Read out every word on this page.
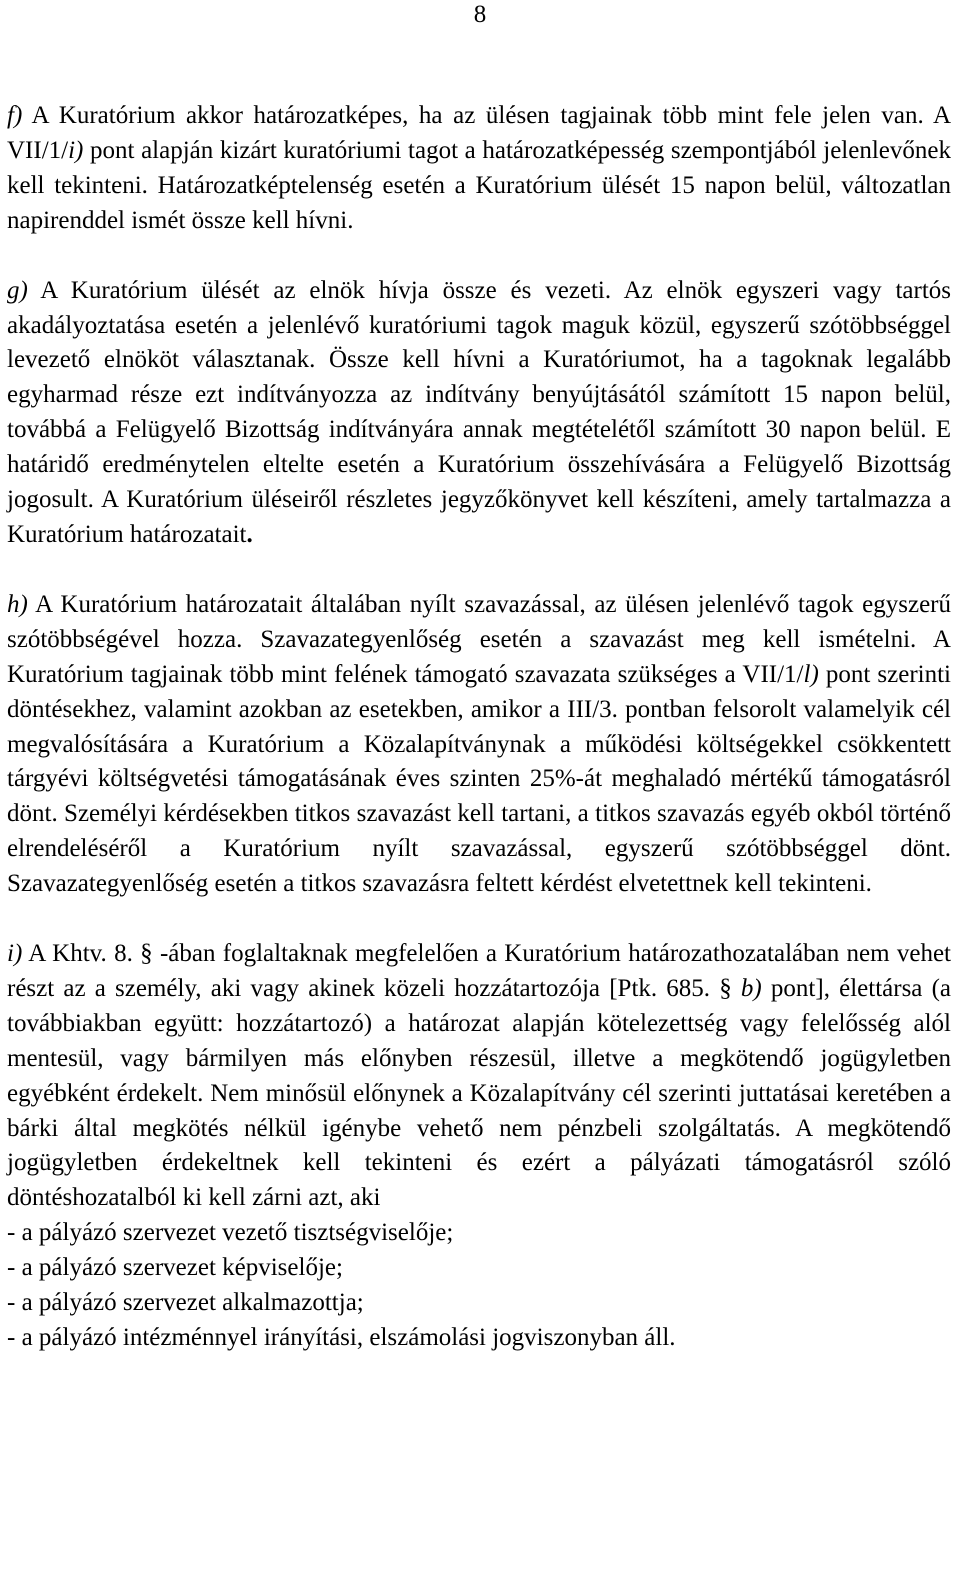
8

f) A Kuratórium akkor határozatképes, ha az ülésen tagjainak több mint fele jelen van. A VII/1/i) pont alapján kizárt kuratóriumi tagot a határozatképesség szempontjából jelenlevőnek kell tekinteni. Határozatképtelenség esetén a Kuratórium ülését 15 napon belül, változatlan napirenddel ismét össze kell hívni.

g) A Kuratórium ülését az elnök hívja össze és vezeti. Az elnök egyszeri vagy tartós akadályoztatása esetén a jelenlévő kuratóriumi tagok maguk közül, egyszerű szótöbbséggel levezető elnököt választanak. Össze kell hívni a Kuratóriumot, ha a tagoknak legalább egyharmad része ezt indítványozza az indítvány benyújtásától számított 15 napon belül, továbbá a Felügyelő Bizottság indítványára annak megtételétől számított 30 napon belül. E határidő eredménytelen eltelte esetén a Kuratórium összehívására a Felügyelő Bizottság jogosult. A Kuratórium üléseiről részletes jegyzőkönyvet kell készíteni, amely tartalmazza a Kuratórium határozatait.

h) A Kuratórium határozatait általában nyílt szavazással, az ülésen jelenlévő tagok egyszerű szótöbbségével hozza. Szavazategyenlőség esetén a szavazást meg kell ismételni. A Kuratórium tagjainak több mint felének támogató szavazata szükséges a VII/1/l) pont szerinti döntésekhez, valamint azokban az esetekben, amikor a III/3. pontban felsorolt valamelyik cél megvalósítására a Kuratórium a Közalapítványnak a működési költségekkel csökkentett tárgyévi költségvetési támogatásának éves szinten 25%-át meghaladó mértékű támogatásról dönt. Személyi kérdésekben titkos szavazást kell tartani, a titkos szavazás egyéb okból történő elrendeléséről a Kuratórium nyílt szavazással, egyszerű szótöbbséggel dönt. Szavazategyenlőség esetén a titkos szavazásra feltett kérdést elvetettnek kell tekinteni.

i) A Khtv. 8. § -ában foglaltaknak megfelelően a Kuratórium határozathozatalában nem vehet részt az a személy, aki vagy akinek közeli hozzátartozója [Ptk. 685. § b) pont], élettársa (a továbbiakban együtt: hozzátartozó) a határozat alapján kötelezettség vagy felelősség alól mentesül, vagy bármilyen más előnyben részesül, illetve a megkötendő jogügyletben egyébként érdekelt. Nem minősül előnynek a Közalapítvány cél szerinti juttatásai keretében a bárki által megkötés nélkül igénybe vehető nem pénzbeli szolgáltatás. A megkötendő jogügyletben érdekeltnek kell tekinteni és ezért a pályázati támogatásról szóló döntéshozatalból ki kell zárni azt, aki

- a pályázó szervezet vezető tisztségviselője;
- a pályázó szervezet képviselője;
- a pályázó szervezet alkalmazottja;
- a pályázó intézménnyel irányítási, elszámolási jogviszonyban áll.
